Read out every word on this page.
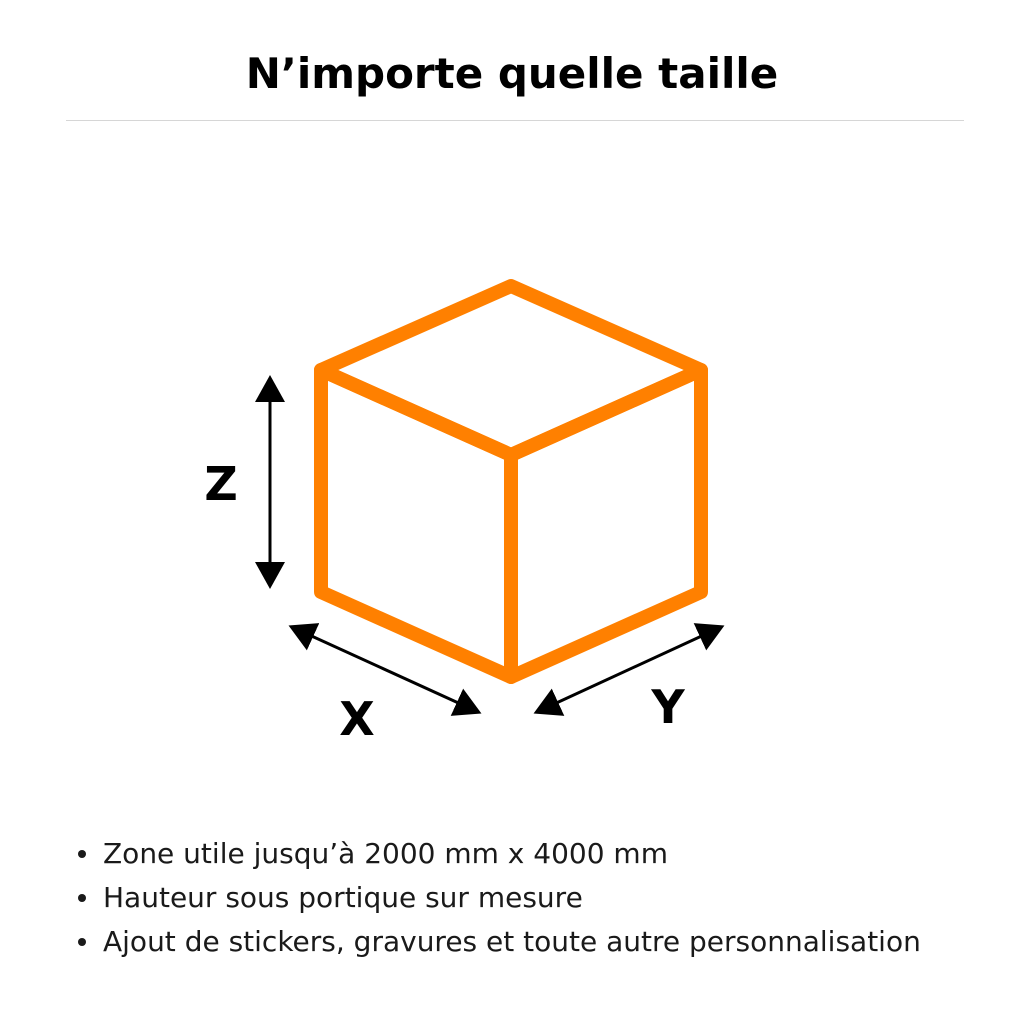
N’importe quelle taille
Z
X	Y
Zone utile jusqu’à 2000 mm x 4000 mm
Hauteur sous portique sur mesure
Ajout de stickers, gravures et toute autre personnalisation
